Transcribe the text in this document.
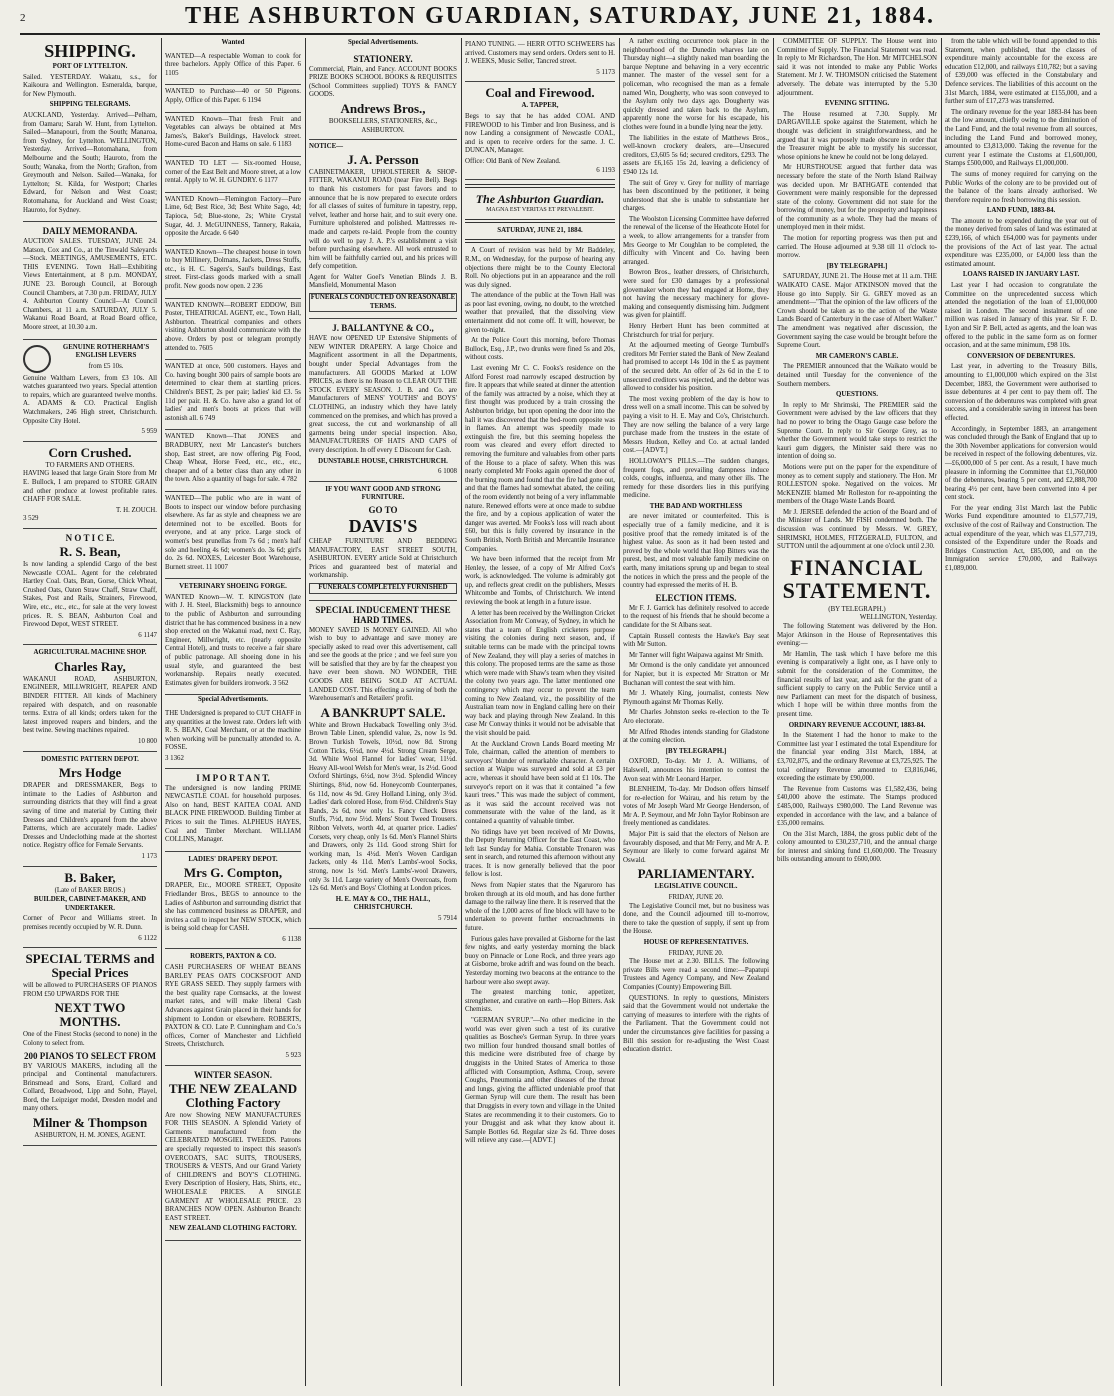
2	THE ASHBURTON GUARDIAN, SATURDAY, JUNE 21, 1884.
SHIPPING.
PORT OF LYTTELTON.

Sailed. YESTERDAY. Wakatu, s.s., for Kaikoura and Wellington. Esmeralda, barque, for New Plymouth.

SHIPPING TELEGRAMS.

AUCKLAND, Yesterday. Arrived—Pelham, from Oamaru; Sarah W. Hunt, from Lyttelton. Sailed—Manapouri, from the South; Manaroa, from Sydney, for Lyttelton. WELLINGTON, Yesterday. Arrived—Rotomahana, from Melbourne and the South; Hauroto, from the South; Wanaka, from the North; Grafton, from Greymouth and Nelson. Sailed—Wanaka, for Lyttelton; St. Kilda, for Westport; Charles Edward, for Nelson and West Coast; Rotomahana, for Auckland and West Coast; Hauroto, for Sydney.

DAILY MEMORANDA.

AUCTION SALES. TUESDAY, JUNE 24. Matson, Cox and Co., at the Tinwald Saleyards—Stock. MEETINGS, AMUSEMENTS, ETC. THIS EVENING. Town Hall—Exhibiting Views Entertainment, at 8 p.m. MONDAY, JUNE 23. Borough Council, at Borough Council Chambers, at 7.30 p.m. FRIDAY, JULY 4. Ashburton County Council—At Council Chambers, at 11 a.m. SATURDAY, JULY 5. Wakanui Road Board, at Road Board office, Moore street, at 10.30 a.m.

GENUINE ROTHERHAM'S ENGLISH LEVERS
from £5 10s.

Genuine Waltham Levers, from £3 10s. All watches guaranteed two years. Special attention to repairs, which are guaranteed twelve months. A. ADAMS & CO. Practical English Watchmakers, 246 High street, Christchurch. Opposite City Hotel.

5 959
Corn Crushed.
TO FARMERS AND OTHERS.

HAVING leased that large Grain Store from Mr E. Bullock, I am prepared to STORE GRAIN and other produce at lowest profitable rates. CHAFF FOR SALE.

T. H. ZOUCH.
3 529
N O T I C E.
R. S. Bean,

Is now landing a splendid Cargo of the best Newcastle COAL. Agent for the celebrated Hartley Coal. Oats, Bran, Gorse, Chick Wheat, Crushed Oats, Oaten Straw Chaff, Straw Chaff, Stakes, Post and Rails, Strainers, Firewood, Wire, etc., etc., etc., for sale at the very lowest prices. R. S. BEAN, Ashburton Coal and Firewood Depot, WEST STREET.

6 1147
AGRICULTURAL MACHINE SHOP.
Charles Ray,

WAKANUI ROAD, ASHBURTON, ENGINEER, MILLWRIGHT, REAPER AND BINDER FITTER. All kinds of Machinery repaired with despatch, and on reasonable terms. Extra of all kinds; orders taken for the latest improved reapers and binders, and the best twine. Sewing machines repaired.

10 800
DOMESTIC PATTERN DEPOT.
Mrs Hodge

DRAPER and DRESSMAKER, Begs to intimate to the Ladies of Ashburton and surrounding districts that they will find a great saving of time and material by Cutting their Dresses and Children's apparel from the above Patterns, which are accurately made. Ladies' Dresses and Undeclothing made at the shortest notice. Registry office for Female Servants.

1 173
B. Baker,
(Late of BAKER BROS.)
BUILDER, CABINET-MAKER, AND UNDERTAKER.

Corner of Pecor and Williams street. In premises recently occupied by W. R. Dunn.

6 1122
SPECIAL TERMS and Special Prices

will be allowed to PURCHASERS OF PIANOS FROM £50 UPWARDS FOR THE

NEXT TWO MONTHS.

One of the Finest Stocks (second to none) in the Colony to select from.

200 PIANOS TO SELECT FROM

BY VARIOUS MAKERS, including all the principal and Continental manufacturers. Brinsmead and Sons, Erard, Collard and Collard, Broadwood, Lipp and Sohn, Playel, Bord, the Leipziger model, Dresden model and many others.

Milner & Thompson
ASHBURTON, H. M. JONES, AGENT.
Wanted

WANTED—A respectable Woman to cook for three bachelors. Apply Office of this Paper. 6 1105

WANTED to Purchase—40 or 50 Pigeons. Apply, Office of this Paper. 6 1194

WANTED Known—That fresh Fruit and Vegetables can always be obtained at Mrs James's, Baker's Buildings, Havelock street. Home-cured Bacon and Hams on sale. 6 1183

WANTED TO LET — Six-roomed House, corner of the East Belt and Moore street, at a low rental. Apply to W. H. GUNDRY. 6 1177

WANTED Known—Flemington Factory—Pure Lime, 6d; Best Rice, 3d; Best White Sago, 4d; Tapioca, 5d; Blue-stone, 2s; White Crystal Sugar, 4d. J. McGUINNESS, Tannery, Rakaia, opposite the Arcade. 6 640

WANTED Known—The cheapest house in town to buy Millinery, Dolmans, Jackets, Dress Stuffs, etc., is H. C. Sagers's, Saul's buildings, East street. First-class goods marked with a small profit. New goods now open. 2 236

WANTED KNOWN—ROBERT EDDOW, Bill Poster, THEATRICAL AGENT, etc., Town Hall, Ashburton. Theatrical companies and others visiting Ashburton should communicate with the above. Orders by post or telegram promptly attended to. 7605

WANTED at once, 500 customers. Hayes and Co. having bought 300 pairs of sample boots are determined to clear them at startling prices. Children's BEST, 2s per pair; ladies' kid £3. 5s 11d per pair. H. & Co. have also a grand lot of ladies' and men's boots at prices that will astonish all. 6 749

WANTED Known—That JONES and BRADBURY, next Mr Lancaster's butchers shop, East street, are now offering Pig Food, Cheap Wheat, Horse Feed, etc., etc., etc., cheaper and of a better class than any other in the town. Also a quantity of bags for sale. 4 782

WANTED—The public who are in want of Boots to inspect our window before purchasing elsewhere. As far as style and cheapness we are determined not to be excelled. Boots for everyone, and at any price. Large stock of women's best prunellas from 7s 6d ; men's half sole and heeling 4s 6d; women's do. 3s 6d; girl's do. 2s 6d. NOXES, Leicester Boot Warehouse, Burnett street. 11 1007

VETERINARY SHOEING FORGE.

WANTED Known—W. T. KINGSTON (late with J. H. Steel, Blacksmith) begs to announce to the public of Ashburton and surrounding district that he has commenced business in a new shop erected on the Wakanui road, next C. Ray, Engineer, Millwright, etc. (nearly opposite Central Hotel), and trusts to receive a fair share of public patronage. All shoeing done in his usual style, and guaranteed the best workmanship. Repairs neatly executed. Estimates given for builders ironwork. 3 562

Special Advertisements.

THE Undersigned is prepared to CUT CHAFF in any quantities at the lowest rate. Orders left with R. S. BEAN, Coal Merchant, or at the machine when working will be punctually attended to. A. FOSSE.

3 1362
I M P O R T A N T.

The undersigned is now landing PRIME NEWCASTLE COAL for household purposes. Also on hand, BEST KAITEA COAL AND BLACK PINE FIREWOOD. Building Timber at Prices to suit the Times. ALPHEUS HAYES, Coal and Timber Merchant. WILLIAM COLLINS, Manager.

LADIES' DRAPERY DEPOT.
Mrs G. Compton,

DRAPER, Etc., MOORE STREET, Opposite Friedlander Bros., BEGS to announce to the Ladies of Ashburton and surrounding district that she has commenced business as DRAPER, and invites a call to inspect her NEW STOCK, which is being sold cheap for CASH.

6 1138
ROBERTS, PAXTON & CO.

CASH PURCHASERS OF WHEAT BEANS BARLEY PEAS OATS COCKSFOOT AND RYE GRASS SEED. They supply farmers with the best quality rape Cornsacks, at the lowest market rates, and will make liberal Cash Advances against Grain placed in their hands for shipment to London or elsewhere. ROBERTS, PAXTON & CO. Late P. Cunningham and Co.'s offices, Corner of Manchester and Lichfield Streets, Christchurch.

5 923
WINTER SEASON.
THE NEW ZEALAND Clothing Factory

Are now Showing NEW MANUFACTURES FOR THIS SEASON. A Splendid Variety of Garments manufactured from the CELEBRATED MOSGIEL TWEEDS. Patrons are specially requested to inspect this season's OVERCOATS, SAC SUITS, TROUSERS, TROUSERS & VESTS, And our Grand Variety of CHILDREN'S and BOY'S CLOTHING. Every Description of Hosiery, Hats, Shirts, etc., WHOLESALE PRICES. A SINGLE GARMENT AT WHOLESALE PRICE. 23 BRANCHES NOW OPEN. Ashburton Branch: EAST STREET.

NEW ZEALAND CLOTHING FACTORY.
Special Advertisements.
STATIONERY.

Commercial, Plain, and Fancy. ACCOUNT BOOKS PRIZE BOOKS SCHOOL BOOKS & REQUISITES (School Committees supplied) TOYS & FANCY GOODS.

Andrews Bros.,
BOOKSELLERS, STATIONERS, &c., ASHBURTON.
NOTICE—
J. A. Persson

CABINETMAKER, UPHOLSTERER & SHOP-FITTER, WAKANUI ROAD (near Fire Bell). Begs to thank his customers for past favors and to announce that he is now prepared to execute orders for all classes of suites of furniture in tapestry, repp, velvet, leather and horse hair, and to suit every one. Furniture upholstered and polished. Mattresses re-made and carpets re-laid. People from the country will do well to pay J. A. P.'s establishment a visit before purchasing elsewhere. All work entrusted to him will be faithfully carried out, and his prices will defy competition.

Agent for Walter Goel's Venetian Blinds J. B. Mansfield, Monumental Mason

FUNERALS CONDUCTED ON REASONABLE TERMS.
J. BALLANTYNE & CO.,

HAVE now OPENED UP Extensive Shipments of NEW WINTER DRAPERY. A large Choice and Magnificent assortment in all the Departments, bought under Special Advantages from the manufacturers. All GOODS Marked at LOW PRICES, as there is no Reason to CLEAR OUT THE STOCK EVERY SEASON. J. B. and Co. are Manufacturers of MENS' YOUTHS' and BOYS' CLOTHING, an industry which they have lately commenced on the premises, and which has proved a great success, the cut and workmanship of all garments being under special inspection. Also, MANUFACTURERS OF HATS AND CAPS of every description. In off every £ Discount for Cash.

DUNSTABLE HOUSE, CHRISTCHURCH.
6 1008
IF YOU WANT GOOD AND STRONG FURNITURE.
GO TO
DAVIS'S

CHEAP FURNITURE AND BEDDING MANUFACTORY, EAST STREET SOUTH, ASHBURTON. EVERY article Sold at Christchurch Prices and guaranteed best of material and workmanship.

FUNERALS COMPLETELY FURNISHED
SPECIAL INDUCEMENT THESE HARD TIMES.

MONEY SAVED IS MONEY GAINED. All who wish to buy to advantage and save money are specially asked to read over this advertisement, call and see the goods at the price ; and we feel sure you will be satisfied that they are by far the cheapest you have ever been shown. NO WONDER, THE GOODS ARE BEING SOLD AT ACTUAL LANDED COST. This effecting a saving of both the Warehouseman's and Retailers' profit.

A BANKRUPT SALE.

White and Brown Huckaback Towelling only 3½d. Brown Table Linen, splendid value, 2s, now 1s 9d. Brown Turkish Towels, 10½d, now 8d. Strong Cotton Ticks, 6½d, now 4½d. Strong Cream Serge, 3d. White Wool Flannel for ladies' wear, 11½d. Heavy All-wool Welsh for Men's wear, 1s 2½d. Good Oxford Shirtings, 6½d, now 3½d. Splendid Wincey Shirtings, 8¾d, now 6d. Honeycomb Counterpanes, 6s 11d, now 4s 9d. Grey Holland Lining, only 3½d. Ladies' dark colored Hose, from 6½d. Children's Stay Bands, 2s 6d, now only 1s. Fancy Check Dress Stuffs, 7½d, now 5½d. Mens' Stout Tweed Trousers. Ribbon Velvets, worth 4d, at quarter price. Ladies' Corsets, very cheap, only 1s 6d. Men's Flannel Shirts and Drawers, only 2s 11d. Good strong Shirt for working man, 1s 4½d. Men's Woven Cardigan Jackets, only 4s 11d. Men's Lambs'-wool Socks, strong, now 1s ½d. Men's Lambs'-wool Drawers, only 3s 11d. Large variety of Men's Overcoats, from 12s 6d. Men's and Boys' Clothing at London prices.

H. E. MAY & CO., THE HALL, CHRISTCHURCH.
5 7914

PIANO TUNING. — HERR OTTO SCHWEERS has arrived. Customers may send orders. Orders sent to H. J. WEEKS, Music Seller, Tancred street.

5 1173
Coal and Firewood.
A. TAPPER,

Begs to say that he has added COAL AND FIREWOOD to his Timber and Iron Business, and is now Landing a consignment of Newcastle COAL, and is open to receive orders for the same. J. C. DUNCAN, Manager.

Office: Old Bank of New Zealand.
6 1193
The Ashburton Guardian.
MAGNA EST VERITAS ET PREVALEBIT.
SATURDAY, JUNE 21, 1884.

A Court of revision was held by Mr Baddeley, R.M., on Wednesday, for the purpose of hearing any objections there might be to the County Electoral Roll. No objections put in an appearance and the roll was duly signed.

The attendance of the public at the Town Hall was as poor last evening, owing, no doubt, to the wretched weather that prevailed, that the dissolving view entertainment did not come off. It will, however, be given to-night.

At the Police Court this morning, before Thomas Bullock, Esq., J.P., two drunks were fined 5s and 20s, without costs.

Last evening Mr C. C. Fooks's residence on the Alford Forest road narrowly escaped destruction by fire. It appears that while seated at dinner the attention of the family was attracted by a noise, which they at first thought was produced by a train crossing the Ashburton bridge, but upon opening the door into the hall it was discovered that the bed-room opposite was in flames. An attempt was speedily made to extinguish the fire, but this seeming hopeless the room was cleared and every effort directed to removing the furniture and valuables from other parts of the House to a place of safety. When this was nearly completed Mr Fooks again opened the door of the burning room and found that the fire had gone out, and that the flames had somewhat abated, the ceiling of the room evidently not being of a very inflammable nature. Renewed efforts were at once made to subdue the fire, and by a copious application of water the danger was averted. Mr Fooks's loss will reach about £60, but this is fully covered by insurance in the South British, North British and Mercantile Insurance Companies.

We have been informed that the receipt from Mr Henley, the lessee, of a copy of Mr Alfred Cox's work, is acknowledged. The volume is admirably got up, and reflects great credit on the publishers, Messrs Whitcombe and Tombs, of Christchurch. We intend reviewing the book at length in a future issue.

A letter has been received by the Wellington Cricket Association from Mr Conway, of Sydney, in which he states that a team of English cricketers purpose visiting the colonies during next season, and, if suitable terms can be made with the principal towns of New Zealand, they will play a series of matches in this colony. The proposed terms are the same as those which were made with Shaw's team when they visited the colony two years ago. The latter mentioned one contingency which may occur to prevent the team coming to New Zealand, viz., the possibility of the Australian team now in England calling here on their way back and playing through New Zealand. In this case Mr Conway thinks it would not be advisable that the visit should be paid.

At the Auckland Crown Lands Board meeting Mr Tole, chairman, called the attention of members to surveyors' blunder of remarkable character. A certain section at Waipu was surveyed and sold at £3 per acre, whereas it should have been sold at £1 10s. The surveyor's report on it was that it contained "a few kauri trees." This was made the subject of comment, as it was said the account received was not commensurate with the value of the land, as it contained a quantity of valuable timber.

No tidings have yet been received of Mr Downs, the Deputy Returning Officer for the East Coast, who left last Sunday for Mahia. Constable Trenaren was sent in search, and returned this afternoon without any traces. It is now generally believed that the poor fellow is lost.

News from Napier states that the Ngaruroro has broken through at its old mouth, and has done further damage to the railway line there. It is reserved that the whole of the 1,000 acres of fine block will have to be undertaken to prevent further encroachments in future.

Furious gales have prevailed at Gisborne for the last few nights, and early yesterday morning the black buoy on Pinnacle or Lone Rock, and three years ago at Gisborne, broke adrift and was found on the beach. Yesterday morning two beacons at the entrance to the harbour were also swept away.

The greatest marching tonic, appetizer, strengthener, and curative on earth—Hop Bitters. Ask Chemists.

"GERMAN SYRUP."—No other medicine in the world was ever given such a test of its curative qualities as Boschee's German Syrup. In three years two million four hundred thousand small bottles of this medicine were distributed free of charge by druggists in the United States of America to those afflicted with Consumption, Asthma, Croup, severe Coughs, Pneumonia and other diseases of the throat and lungs, giving the afflicted undeniable proof that German Syrup will cure them. The result has been that Druggists in every town and village in the United States are recommending it to their customers. Go to your Druggist and ask what they know about it. Sample Bottles 6d. Regular size 2s 6d. Three doses will relieve any case.—[ADVT.]

A rather exciting occurrence took place in the neighbourhood of the Dunedin wharves late on Thursday night—a slightly naked man boarding the barque Neptune and behaving in a very eccentric manner. The master of the vessel sent for a policeman, who recognised the man as a female named Win, Dougherty, who was soon conveyed to the Asylum only two days ago. Dougherty was quickly dressed and taken back to the Asylum, apparently none the worse for his escapade, his clothes were found in a bundle lying near the jetty.

The liabilities in the estate of Matthews Bros., well-known crockery dealers, are—Unsecured creditors, £3,605 5s 6d; secured creditors, £293. The assets are £6,165 15s 2d, leaving a deficiency of £940 12s 1d.

The suit of Grey v. Grey for nullity of marriage has been discontinued by the petitioner, it being understood that she is unable to substantiate her charges.

The Woolston Licensing Committee have deferred the renewal of the license of the Heathcote Hotel for a week, to allow arrangements for a transfer from Mrs George to Mr Coughlan to be completed, the difficulty with Vincent and Co. having been arranged.

Bowron Bros., leather dressers, of Christchurch, were sued for £30 damages by a professional glovemaker whom they had engaged at Home, they not having the necessary machinery for glove-making and consequently dismissing him. Judgment was given for plaintiff.

Henry Herbert Hunt has been committed at Christchurch for trial for perjury.

At the adjourned meeting of George Turnbull's creditors Mr Ferrier stated the Bank of New Zealand had promised to accept 14s 10d in the £ as payment of the secured debt. An offer of 2s 6d in the £ to unsecured creditors was rejected, and the debtor was allowed to consider his position.

The most vexing problem of the day is how to dress well on a small income. This can be solved by paying a visit to H. E. May and Co's, Christchurch. They are now selling the balance of a very large purchase made from the trustees in the estate of Messrs Hudson, Kelley and Co. at actual landed cost.—[ADVT.]

HOLLOWAY'S PILLS.—The sudden changes, frequent fogs, and prevailing dampness induce colds, coughs, influenza, and many other ills. The remedy for these disorders lies in this purifying medicine.

THE BAD AND WORTHLESS

are never imitated or counterfeited. This is especially true of a family medicine, and it is positive proof that the remedy imitated is of the highest value. As soon as it had been tested and proved by the whole world that Hop Bitters was the purest, best, and most valuable family medicine on earth, many imitations sprung up and began to steal the notices in which the press and the people of the country had expressed the merits of H. B.

ELECTION ITEMS.

Mr F. J. Garrick has definitely resolved to accede to the request of his friends that he should become a candidate for the St Albans seat.

Captain Russell contests the Hawke's Bay seat with Mr Sutton.

Mr Tanner will fight Waipawa against Mr Smith.

Mr Ormond is the only candidate yet announced for Napier, but it is expected Mr Stratton or Mr Buchanan will contest the seat with him.

Mr J. Whately King, journalist, contests New Plymouth against Mr Thomas Kelly.

Mr Charles Johnston seeks re-election to the Te Aro electorate.

Mr Alfred Rhodes intends standing for Gladstone at the coming election.

[BY TELEGRAPH.]

OXFORD, To-day. Mr J. A. Williams, of Halswell, announces his intention to contest the Avon seat with Mr Leonard Harper.

BLENHEIM, To-day. Mr Dodson offers himself for re-election for Wairau, and his return by the votes of Mr Joseph Ward Mr George Henderson, of Mr A. P. Seymour, and Mr John Taylor Robinson are freely mentioned as candidates.

Major Pitt is said that the electors of Nelson are favourably disposed, and that Mr Ferry, and Mr A. P. Seymour are likely to come forward against Mr Oswald.

PARLIAMENTARY.
LEGISLATIVE COUNCIL.
FRIDAY, JUNE 20.

The Legislative Council met, but no business was done, and the Council adjourned till to-morrow, there to take the question of supply, if sent up from the House.

HOUSE OF REPRESENTATIVES.
FRIDAY, JUNE 20.

The House met at 2.30. BILLS. The following private Bills were read a second time:—Papatupi Trustees and Agency Company, and New Zealand Companies (County) Empowering Bill.

QUESTIONS. In reply to questions, Ministers said that the Government would not undertake the carrying of measures to interfere with the rights of the Parliament. That the Government could not under the circumstances give facilities for passing a Bill this session for re-adjusting the West Coast education district.

COMMITTEE OF SUPPLY. The House went into Committee of Supply. The Financial Statement was read. In reply to Mr Richardson, The Hon. Mr MITCHELSON said it was not intended to make any Public Works Statement. Mr J. W. THOMSON criticised the Statement adversely. The debate was interrupted by the 5.30 adjournment.

EVENING SITTING.

The House resumed at 7.30. Supply. Mr DARGAVILLE spoke against the Statement, which he thought was deficient in straightforwardness, and he argued that it was purposely made obscure in order that the Treasurer might be able to mystify his successor, whose opinions he knew he could not be long delayed.

Mr HURSTHOUSE argued that further data was necessary before the state of the North Island Railway was decided upon. Mr BATHGATE contended that Government were mainly responsible for the depressed state of the colony. Government did not state for the borrowing of money, but for the prosperity and happiness of the community as a whole. They had the means of unemployed men in their midst.

The motion for reporting progress was then put and carried. The House adjourned at 9.38 till 11 o'clock to-morrow.

[BY TELEGRAPH.]

SATURDAY, JUNE 21. The House met at 11 a.m. THE WAIKATO CASE. Major ATKINSON moved that the House go into Supply. Sir G. GREY moved as an amendment—"That the opinion of the law officers of the Crown should be taken as to the action of the Waste Lands Board of Canterbury in the case of Albert Walker." The amendment was negatived after discussion, the Government saying the case would be brought before the Supreme Court.

MR CAMERON'S CABLE.

The PREMIER announced that the Waikato would be detained until Tuesday for the convenience of the Southern members.

QUESTIONS.

In reply to Mr Shrimski, The PREMIER said the Government were advised by the law officers that they had no power to bring the Otago Gauge case before the Supreme Court. In reply to Sir George Grey, as to whether the Government would take steps to restrict the kauri gum diggers, the Minister said there was no intention of doing so.

Motions were put on the paper for the expenditure of money as to cement supply and stationery. The Hon. Mr ROLLESTON spoke. Negatived on the voices. Mr McKENZIE blamed Mr Rolleston for re-appointing the members of the Otago Waste Lands Board.

Mr J. JERSEE defended the action of the Board and of the Minister of Lands. Mr FISH condemned both. The discussion was continued by Messrs. W. GREY, SHRIMSKI, HOLMES, FITZGERALD, FULTON, and SUTTON until the adjournment at one o'clock until 2.30.

FINANCIAL STATEMENT.
(BY TELEGRAPH.)
WELLINGTON, Yesterday.

The following Statement was delivered by the Hon. Major Atkinson in the House of Representatives this evening:—

Mr Hamlin, The task which I have before me this evening is comparatively a light one, as I have only to submit for the consideration of the Committee, the financial results of last year, and ask for the grant of a sufficient supply to carry on the Public Service until a new Parliament can meet for the dispatch of business, which I hope will be within three months from the present time.

ORDINARY REVENUE ACCOUNT, 1883-84.

In the Statement I had the honor to make to the Committee last year I estimated the total Expenditure for the financial year ending 31st March, 1884, at £3,702,875, and the ordinary Revenue at £3,725,925. The total ordinary Revenue amounted to £3,816,046, exceeding the estimate by £90,000.

The Revenue from Customs was £1,582,436, being £40,000 above the estimate. The Stamps produced £485,000, Railways £980,000. The Land Revenue was expended in accordance with the law, and a balance of £35,000 remains.

On the 31st March, 1884, the gross public debt of the colony amounted to £30,237,710, and the annual charge for interest and sinking fund £1,600,000. The Treasury bills outstanding amount to £600,000.

from the table which will be found appended to this Statement, when published, that the classes of expenditure mainly accountable for the excess are education £12,000, and railways £10,782; but a saving of £39,000 was effected in the Constabulary and Defence services. The liabilities of this account on the 31st March, 1884, were estimated at £155,000, and a further sum of £17,273 was transferred.

The ordinary revenue for the year 1883-84 has been at the low amount, chiefly owing to the diminution of the Land Fund, and the total revenue from all sources, including the Land Fund and borrowed money, amounted to £3,813,000. Taking the revenue for the current year I estimate the Customs at £1,600,000, Stamps £500,000, and Railways £1,000,000.

The sums of money required for carrying on the Public Works of the colony are to be provided out of the balance of the loans already authorised. We therefore require no fresh borrowing this session.

LAND FUND, 1883-84.

The amount to be expended during the year out of the money derived from sales of land was estimated at £239,166, of which £64,000 was for payments under the provisions of the Act of last year. The actual expenditure was £235,000, or £4,000 less than the estimated amount.

LOANS RAISED IN JANUARY LAST.

Last year I had occasion to congratulate the Committee on the unprecedented success which attended the negotiation of the loan of £1,000,000 raised in London. The second instalment of one million was raised in January of this year. Sir F. D. Lyon and Sir P. Bell, acted as agents, and the loan was offered to the public in the same form as on former occasion, and at the same minimum, £98 10s.

CONVERSION OF DEBENTURES.

Last year, in adverting to the Treasury Bills, amounting to £1,000,000 which expired on the 31st December, 1883, the Government were authorised to issue debentures at 4 per cent to pay them off. The conversion of the debentures was completed with great success, and a considerable saving in interest has been effected.

Accordingly, in September 1883, an arrangement was concluded through the Bank of England that up to the 30th November applications for conversion would be received in respect of the following debentures, viz.—£6,000,000 of 5 per cent. As a result, I have much pleasure in informing the Committee that £1,760,000 of the debentures, bearing 5 per cent, and £2,888,700 bearing 4½ per cent, have been converted into 4 per cent stock.

For the year ending 31st March last the Public Works Fund expenditure amounted to £1,577,719, exclusive of the cost of Railway and Construction. The actual expenditure of the year, which was £1,577,719, consisted of the Expenditure under the Roads and Bridges Construction Act, £85,000, and on the Immigration service £70,000, and Railways £1,089,000.
